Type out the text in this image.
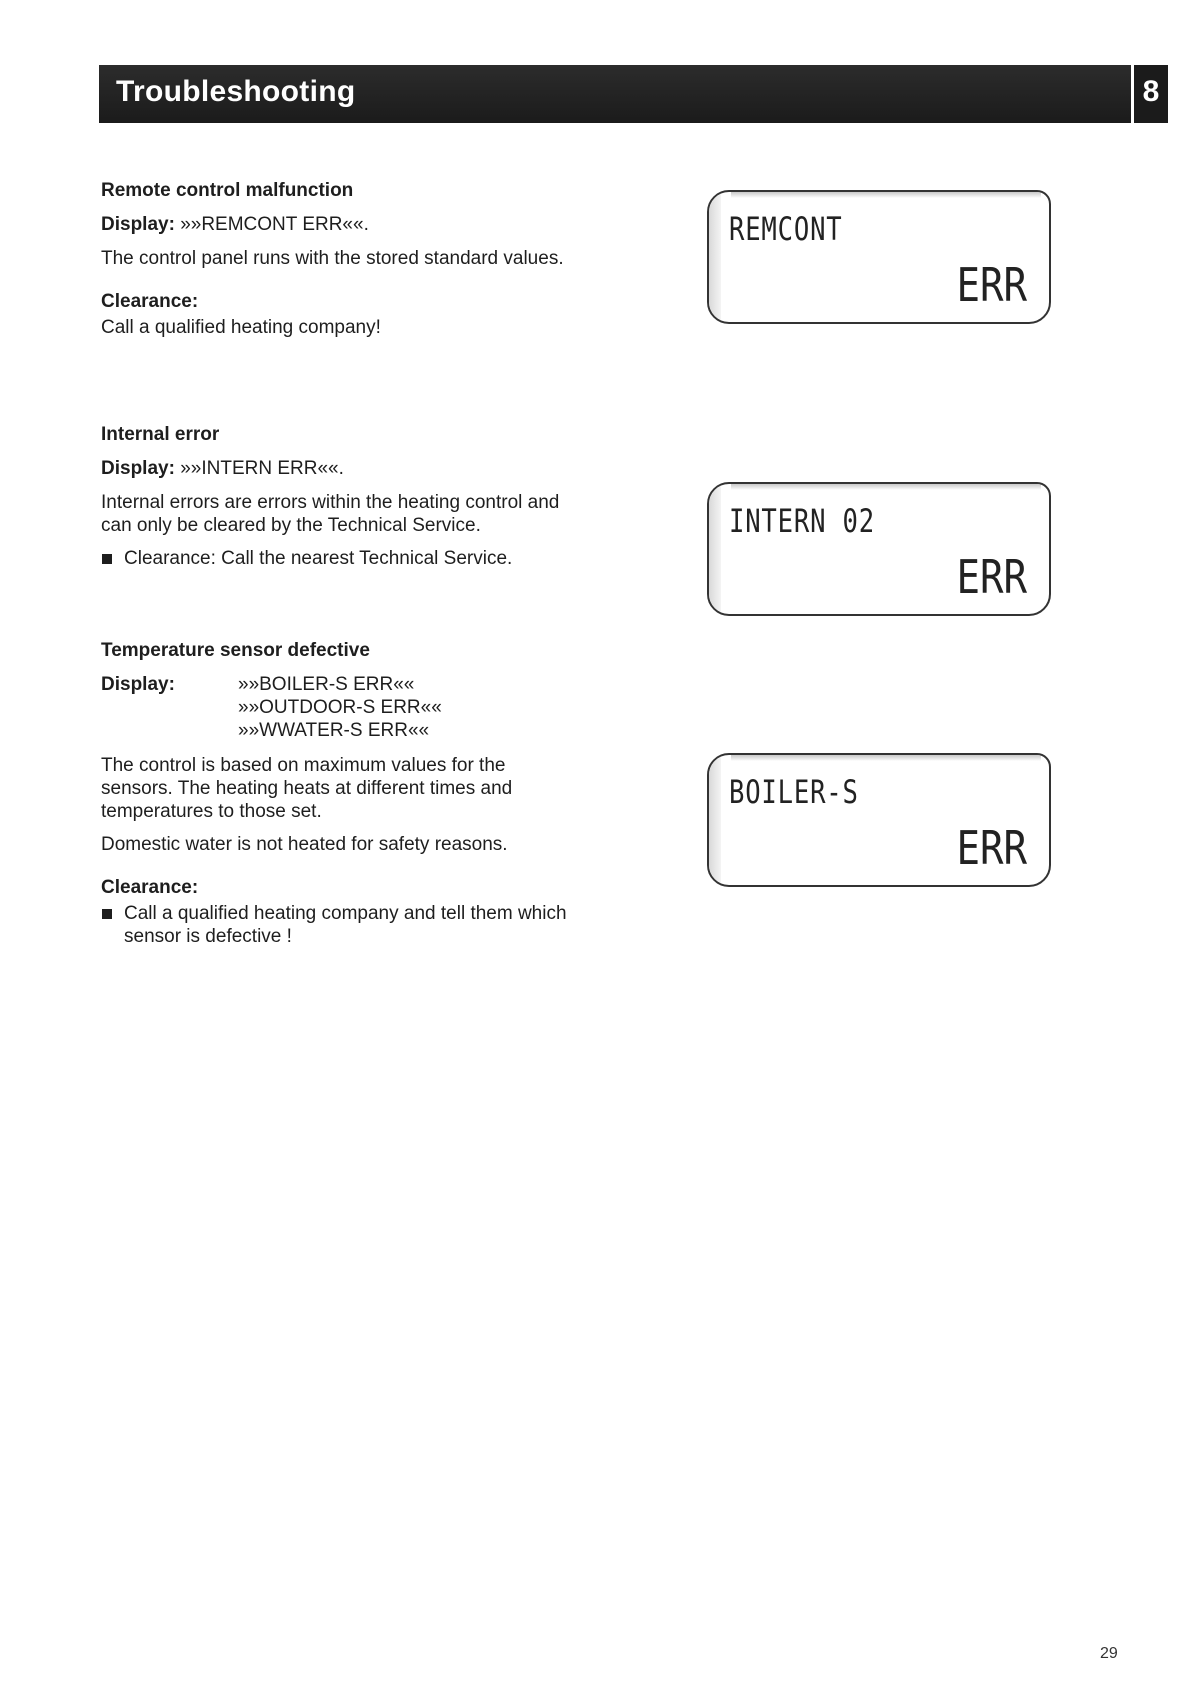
Troubleshooting	8
Remote control malfunction
Display: »»REMCONT ERR««.
The control panel runs with the stored standard values.
Clearance:
Call a qualified heating company!
REMCONT
ERR
Internal error
Display: »»INTERN ERR««.
Internal errors are errors within the heating control and can only be cleared by the Technical Service.
Clearance: Call the nearest Technical Service.
INTERN 02
ERR
Temperature sensor defective
Display:	»»BOILER-S ERR««
»»OUTDOOR-S ERR««
»»WWATER-S ERR««
The control is based on maximum values for the sensors. The heating heats at different times and temperatures to those set.
Domestic water is not heated for safety reasons.
Clearance:
Call a qualified heating company and tell them which sensor is defective !
BOILER-S
ERR
29
